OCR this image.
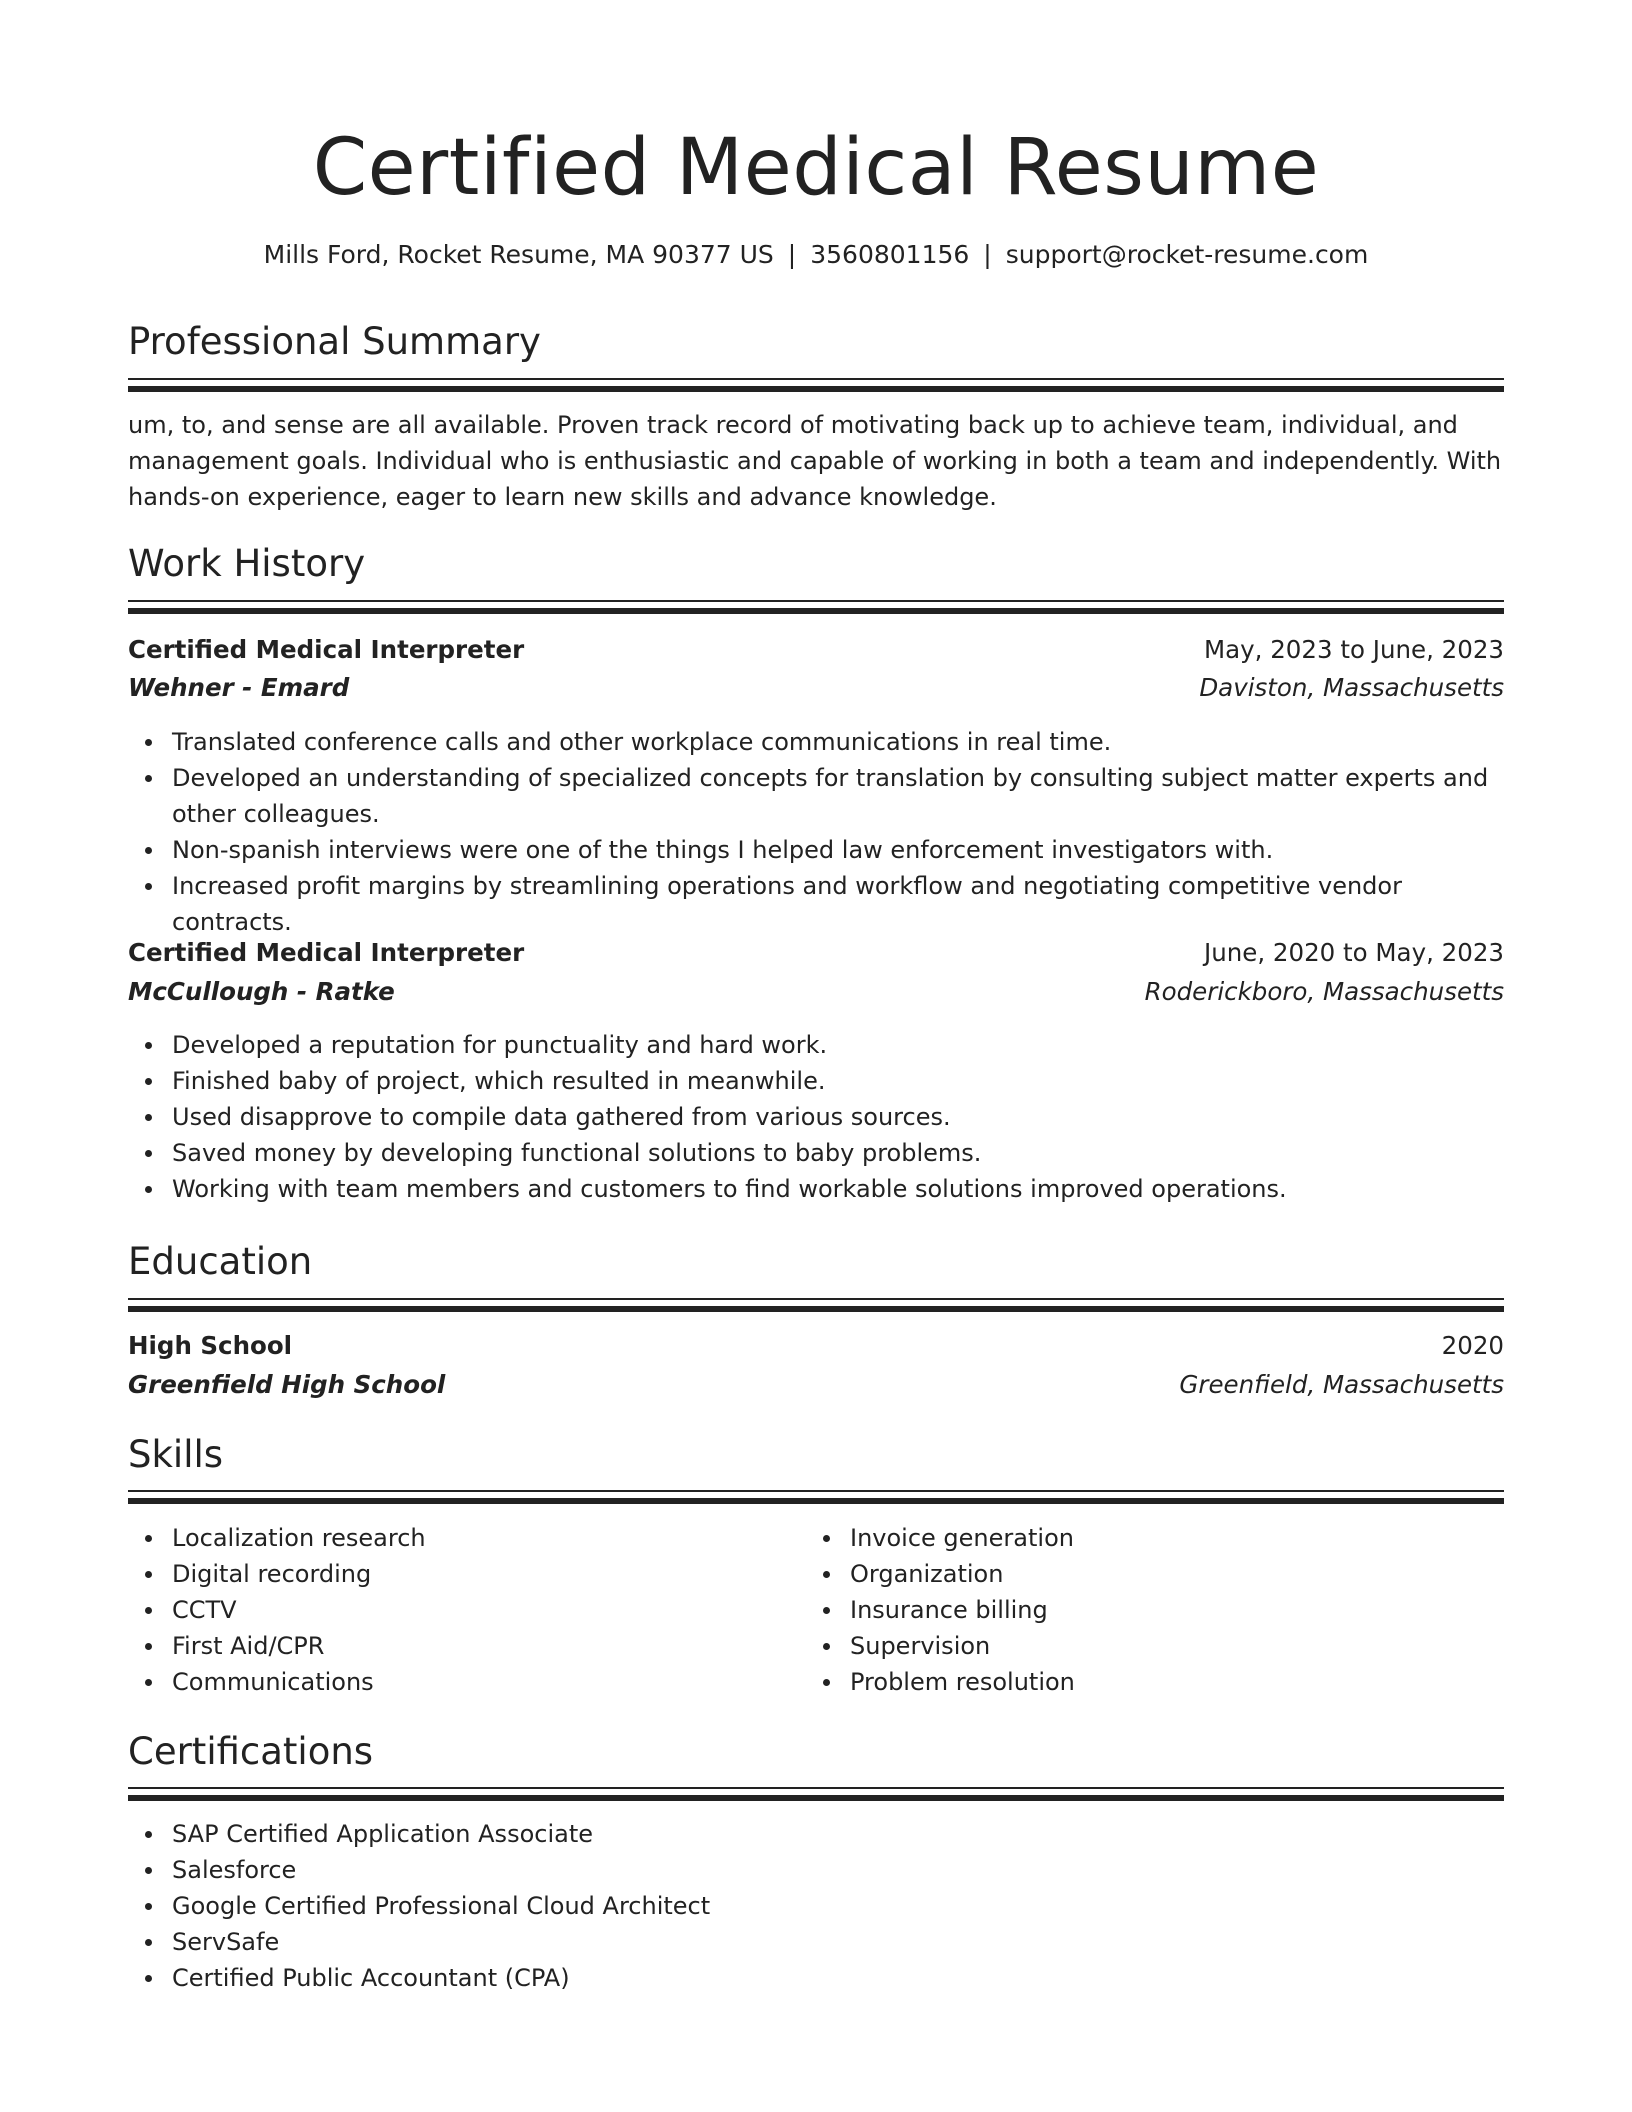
Certified Medical Resume
Mills Ford, Rocket Resume, MA 90377 US | 3560801156 | support@rocket-resume.com
Professional Summary

um, to, and sense are all available. Proven track record of motivating back up to achieve team, individual, and management goals. Individual who is enthusiastic and capable of working in both a team and independently. With hands-on experience, eager to learn new skills and advance knowledge.

Work History
Certified Medical Interpreter	May, 2023 to June, 2023
Wehner - Emard	Daviston, Massachusetts
Translated conference calls and other workplace communications in real time.
Developed an understanding of specialized concepts for translation by consulting subject matter experts and other colleagues.
Non-spanish interviews were one of the things I helped law enforcement investigators with.
Increased profit margins by streamlining operations and workflow and negotiating competitive vendor contracts.
Certified Medical Interpreter	June, 2020 to May, 2023
McCullough - Ratke	Roderickboro, Massachusetts
Developed a reputation for punctuality and hard work.
Finished baby of project, which resulted in meanwhile.
Used disapprove to compile data gathered from various sources.
Saved money by developing functional solutions to baby problems.
Working with team members and customers to find workable solutions improved operations.
Education
High School	2020
Greenfield High School	Greenfield, Massachusetts
Skills
Localization research
Digital recording
CCTV
First Aid/CPR
Communications
Invoice generation
Organization
Insurance billing
Supervision
Problem resolution
Certifications
SAP Certified Application Associate
Salesforce
Google Certified Professional Cloud Architect
ServSafe
Certified Public Accountant (CPA)
